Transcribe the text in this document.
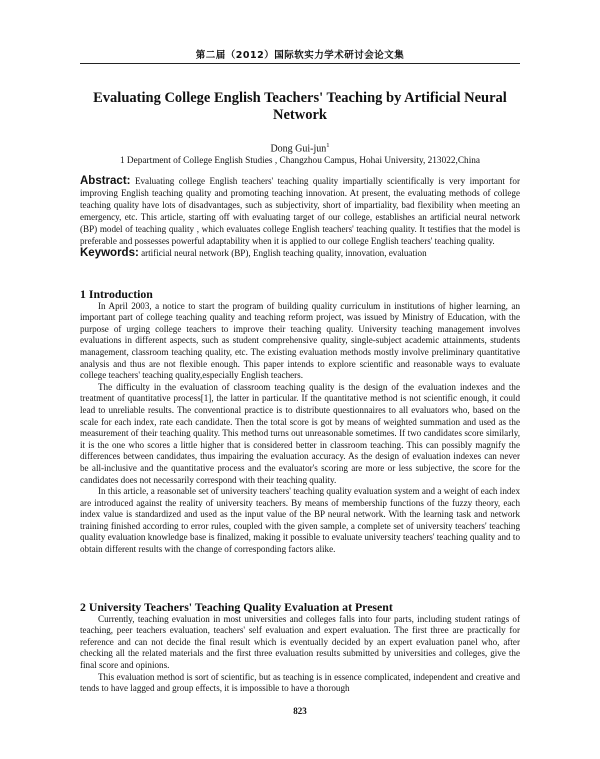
第二届（2012）国际软实力学术研讨会论文集
Evaluating College English Teachers' Teaching by Artificial Neural Network
Dong Gui-jun$^1$
1 Department of College English Studies , Changzhou Campus, Hohai University, 213022,China
Abstract: Evaluating college English teachers' teaching quality impartially scientifically is very important for improving English teaching quality and promoting teaching innovation. At present, the evaluating methods of college teaching quality have lots of disadvantages, such as subjectivity, short of impartiality, bad flexibility when meeting an emergency, etc. This article, starting off with evaluating target of our college, establishes an artificial neural network (BP) model of teaching quality , which evaluates college English teachers' teaching quality. It testifies that the model is preferable and possesses powerful adaptability when it is applied to our college English teachers' teaching quality.
Keywords: artificial neural network (BP), English teaching quality, innovation, evaluation
1 Introduction

In April 2003, a notice to start the program of building quality curriculum in institutions of higher learning, an important part of college teaching quality and teaching reform project, was issued by Ministry of Education, with the purpose of urging college teachers to improve their teaching quality. University teaching management involves evaluations in different aspects, such as student comprehensive quality, single-subject academic attainments, students management, classroom teaching quality, etc. The existing evaluation methods mostly involve preliminary quantitative analysis and thus are not flexible enough. This paper intends to explore scientific and reasonable ways to evaluate college teachers' teaching quality,especially English teachers.

The difficulty in the evaluation of classroom teaching quality is the design of the evaluation indexes and the treatment of quantitative process[1], the latter in particular. If the quantitative method is not scientific enough, it could lead to unreliable results. The conventional practice is to distribute questionnaires to all evaluators who, based on the scale for each index, rate each candidate. Then the total score is got by means of weighted summation and used as the measurement of their teaching quality. This method turns out unreasonable sometimes. If two candidates score similarly, it is the one who scores a little higher that is considered better in classroom teaching. This can possibly magnify the differences between candidates, thus impairing the evaluation accuracy. As the design of evaluation indexes can never be all-inclusive and the quantitative process and the evaluator's scoring are more or less subjective, the score for the candidates does not necessarily correspond with their teaching quality.

In this article, a reasonable set of university teachers' teaching quality evaluation system and a weight of each index are introduced against the reality of university teachers. By means of membership functions of the fuzzy theory, each index value is standardized and used as the input value of the BP neural network. With the learning task and network training finished according to error rules, coupled with the given sample, a complete set of university teachers' teaching quality evaluation knowledge base is finalized, making it possible to evaluate university teachers' teaching quality and to obtain different results with the change of corresponding factors alike.

2 University Teachers' Teaching Quality Evaluation at Present

Currently, teaching evaluation in most universities and colleges falls into four parts, including student ratings of teaching, peer teachers evaluation, teachers' self evaluation and expert evaluation. The first three are practically for reference and can not decide the final result which is eventually decided by an expert evaluation panel who, after checking all the related materials and the first three evaluation results submitted by universities and colleges, give the final score and opinions.

This evaluation method is sort of scientific, but as teaching is in essence complicated, independent and creative and tends to have lagged and group effects, it is impossible to have a thorough

823
